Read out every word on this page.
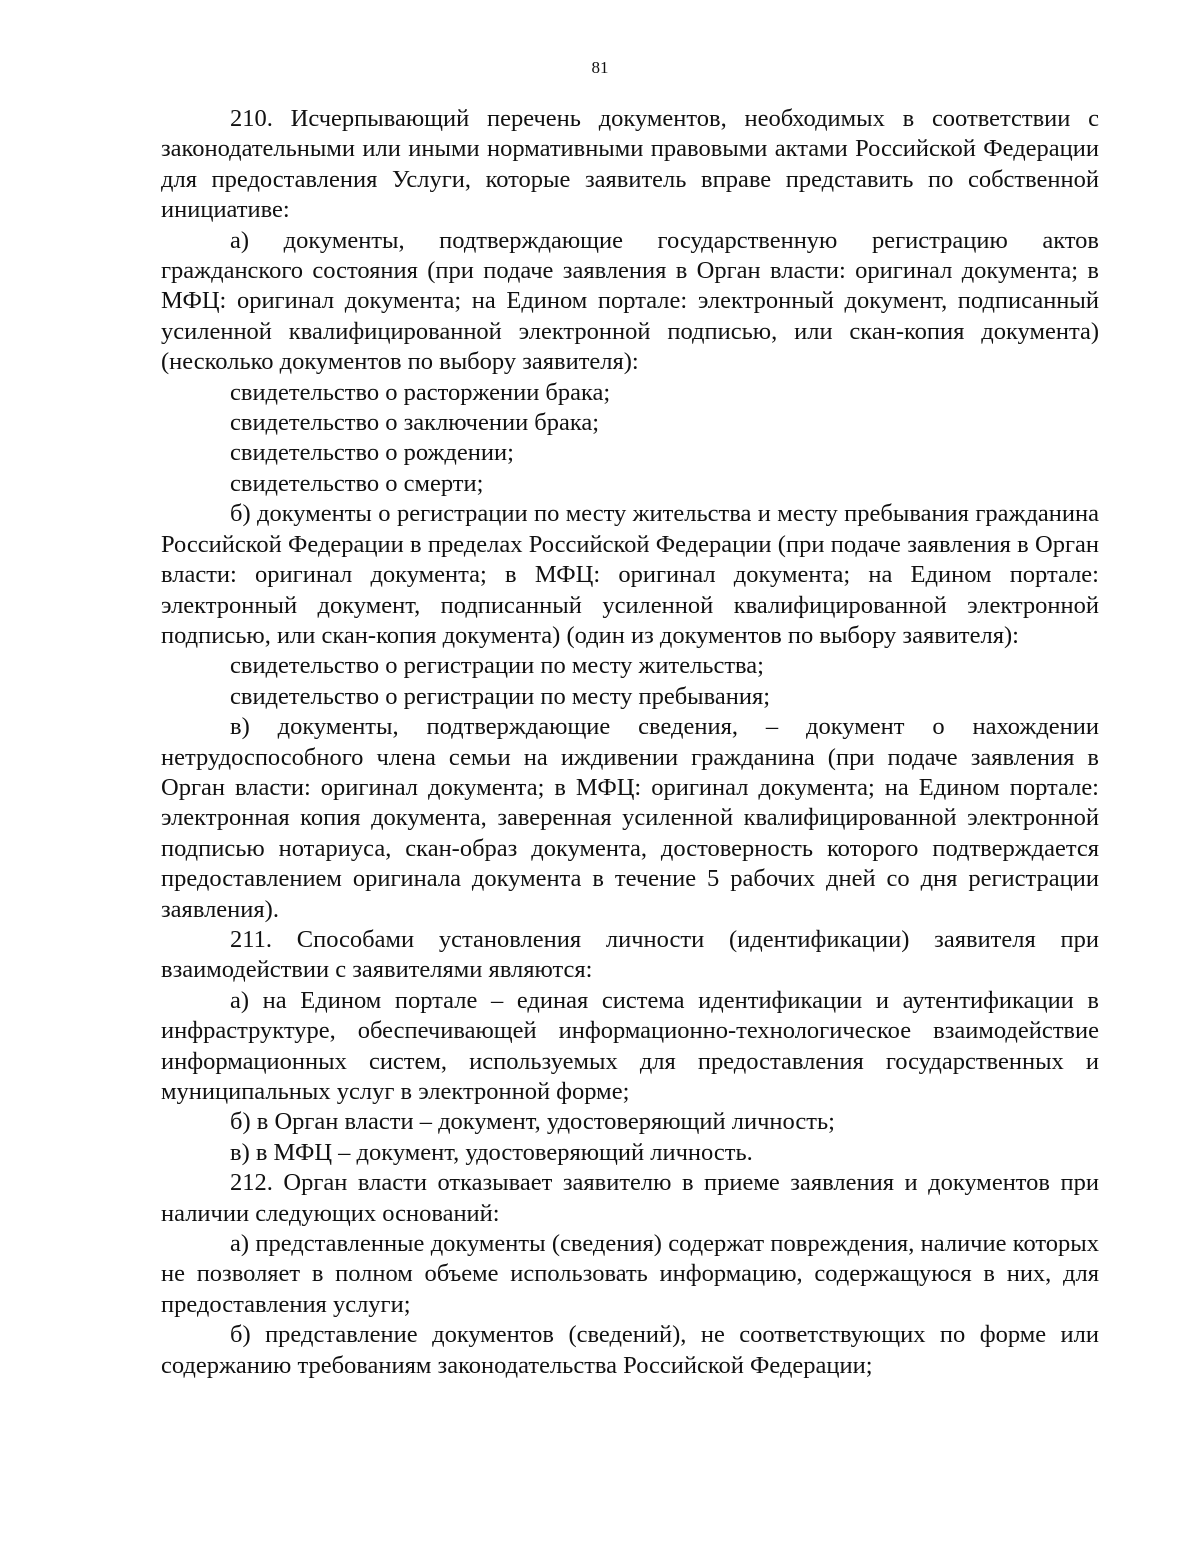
81

210. Исчерпывающий перечень документов, необходимых в соответствии с законодательными или иными нормативными правовыми актами Российской Федерации для предоставления Услуги, которые заявитель вправе представить по собственной инициативе:

а) документы, подтверждающие государственную регистрацию актов гражданского состояния (при подаче заявления в Орган власти: оригинал документа; в МФЦ: оригинал документа; на Едином портале: электронный документ, подписанный усиленной квалифицированной электронной подписью, или скан-копия документа) (несколько документов по выбору заявителя):

свидетельство о расторжении брака;

свидетельство о заключении брака;

свидетельство о рождении;

свидетельство о смерти;

б) документы о регистрации по месту жительства и месту пребывания гражданина Российской Федерации в пределах Российской Федерации (при подаче заявления в Орган власти: оригинал документа; в МФЦ: оригинал документа; на Едином портале: электронный документ, подписанный усиленной квалифицированной электронной подписью, или скан-копия документа) (один из документов по выбору заявителя):

свидетельство о регистрации по месту жительства;

свидетельство о регистрации по месту пребывания;

в) документы, подтверждающие сведения, – документ о нахождении нетрудоспособного члена семьи на иждивении гражданина (при подаче заявления в Орган власти: оригинал документа; в МФЦ: оригинал документа; на Едином портале: электронная копия документа, заверенная усиленной квалифицированной электронной подписью нотариуса, скан-образ документа, достоверность которого подтверждается предоставлением оригинала документа в течение 5 рабочих дней со дня регистрации заявления).

211. Способами установления личности (идентификации) заявителя при взаимодействии с заявителями являются:

а) на Едином портале – единая система идентификации и аутентификации в инфраструктуре, обеспечивающей информационно-технологическое взаимодействие информационных систем, используемых для предоставления государственных и муниципальных услуг в электронной форме;

б) в Орган власти – документ, удостоверяющий личность;

в) в МФЦ – документ, удостоверяющий личность.

212. Орган власти отказывает заявителю в приеме заявления и документов при наличии следующих оснований:

а) представленные документы (сведения) содержат повреждения, наличие которых не позволяет в полном объеме использовать информацию, содержащуюся в них, для предоставления услуги;

б) представление документов (сведений), не соответствующих по форме или содержанию требованиям законодательства Российской Федерации;
